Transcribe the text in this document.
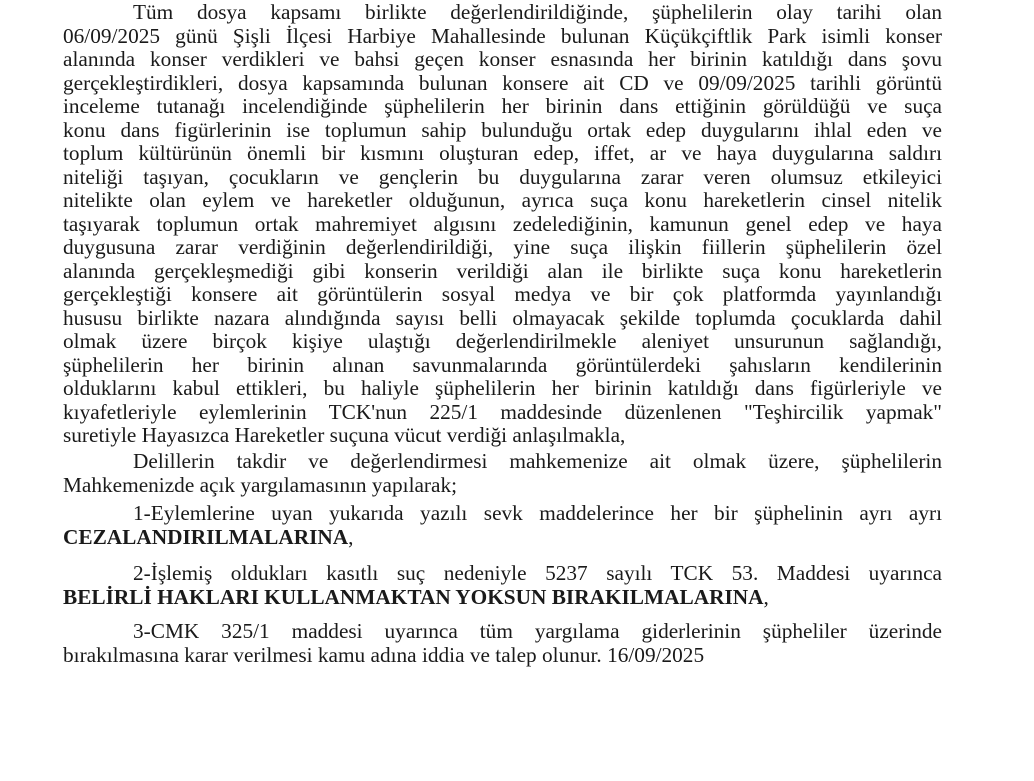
Tüm dosya kapsamı birlikte değerlendirildiğinde, şüphelilerin olay tarihi olan
06/09/2025 günü Şişli İlçesi Harbiye Mahallesinde bulunan Küçükçiftlik Park isimli konser
alanında konser verdikleri ve bahsi geçen konser esnasında her birinin katıldığı dans şovu
gerçekleştirdikleri, dosya kapsamında bulunan konsere ait CD ve 09/09/2025 tarihli görüntü
inceleme tutanağı incelendiğinde şüphelilerin her birinin dans ettiğinin görüldüğü ve suça
konu dans figürlerinin ise toplumun sahip bulunduğu ortak edep duygularını ihlal eden ve
toplum kültürünün önemli bir kısmını oluşturan edep, iffet, ar ve haya duygularına saldırı
niteliği taşıyan, çocukların ve gençlerin bu duygularına zarar veren olumsuz etkileyici
nitelikte olan eylem ve hareketler olduğunun, ayrıca suça konu hareketlerin cinsel nitelik
taşıyarak toplumun ortak mahremiyet algısını zedelediğinin, kamunun genel edep ve haya
duygusuna zarar verdiğinin değerlendirildiği, yine suça ilişkin fiillerin şüphelilerin özel
alanında gerçekleşmediği gibi konserin verildiği alan ile birlikte suça konu hareketlerin
gerçekleştiği konsere ait görüntülerin sosyal medya ve bir çok platformda yayınlandığı
hususu birlikte nazara alındığında sayısı belli olmayacak şekilde toplumda çocuklarda dahil
olmak üzere birçok kişiye ulaştığı değerlendirilmekle aleniyet unsurunun sağlandığı,
şüphelilerin her birinin alınan savunmalarında görüntülerdeki şahısların kendilerinin
olduklarını kabul ettikleri, bu haliyle şüphelilerin her birinin katıldığı dans figürleriyle ve
kıyafetleriyle eylemlerinin TCK'nun 225/1 maddesinde düzenlenen "Teşhircilik yapmak"
suretiyle Hayasızca Hareketler suçuna vücut verdiği anlaşılmakla,
Delillerin takdir ve değerlendirmesi mahkemenize ait olmak üzere, şüphelilerin
Mahkemenizde açık yargılamasının yapılarak;
1-Eylemlerine uyan yukarıda yazılı sevk maddelerince her bir şüphelinin ayrı ayrı
CEZALANDIRILMALARINA,
2-İşlemiş oldukları kasıtlı suç nedeniyle 5237 sayılı TCK 53. Maddesi uyarınca
BELİRLİ HAKLARI KULLANMAKTAN YOKSUN BIRAKILMALARINA,
3-CMK 325/1 maddesi uyarınca tüm yargılama giderlerinin şüpheliler üzerinde
bırakılmasına karar verilmesi kamu adına iddia ve talep olunur. 16/09/2025
